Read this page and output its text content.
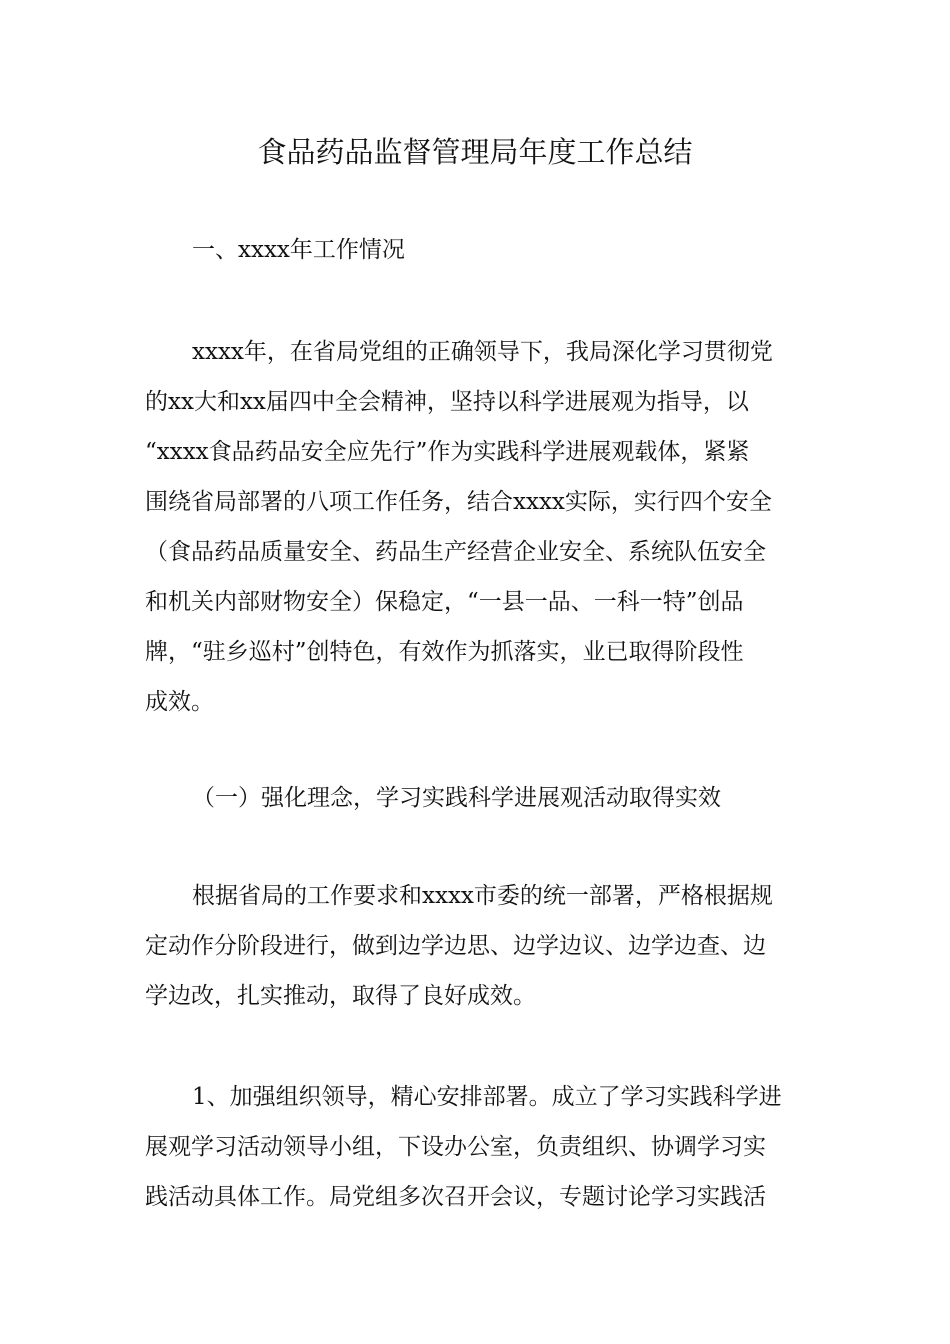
食品药品监督管理局年度工作总结

一、xxxx年工作情况

xxxx年，在省局党组的正确领导下，我局深化学习贯彻党
的xx大和xx届四中全会精神，坚持以科学进展观为指导，以
“xxxx食品药品安全应先行”作为实践科学进展观载体，紧紧
围绕省局部署的八项工作任务，结合xxxx实际，实行四个安全
（食品药品质量安全、药品生产经营企业安全、系统队伍安全
和机关内部财物安全）保稳定，“一县一品、一科一特”创品
牌，“驻乡巡村”创特色，有效作为抓落实，业已取得阶段性
成效。

（一）强化理念，学习实践科学进展观活动取得实效

根据省局的工作要求和xxxx市委的统一部署，严格根据规
定动作分阶段进行，做到边学边思、边学边议、边学边查、边
学边改，扎实推动，取得了良好成效。
1、加强组织领导，精心安排部署。成立了学习实践科学进
展观学习活动领导小组，下设办公室，负责组织、协调学习实
践活动具体工作。局党组多次召开会议，专题讨论学习实践活
